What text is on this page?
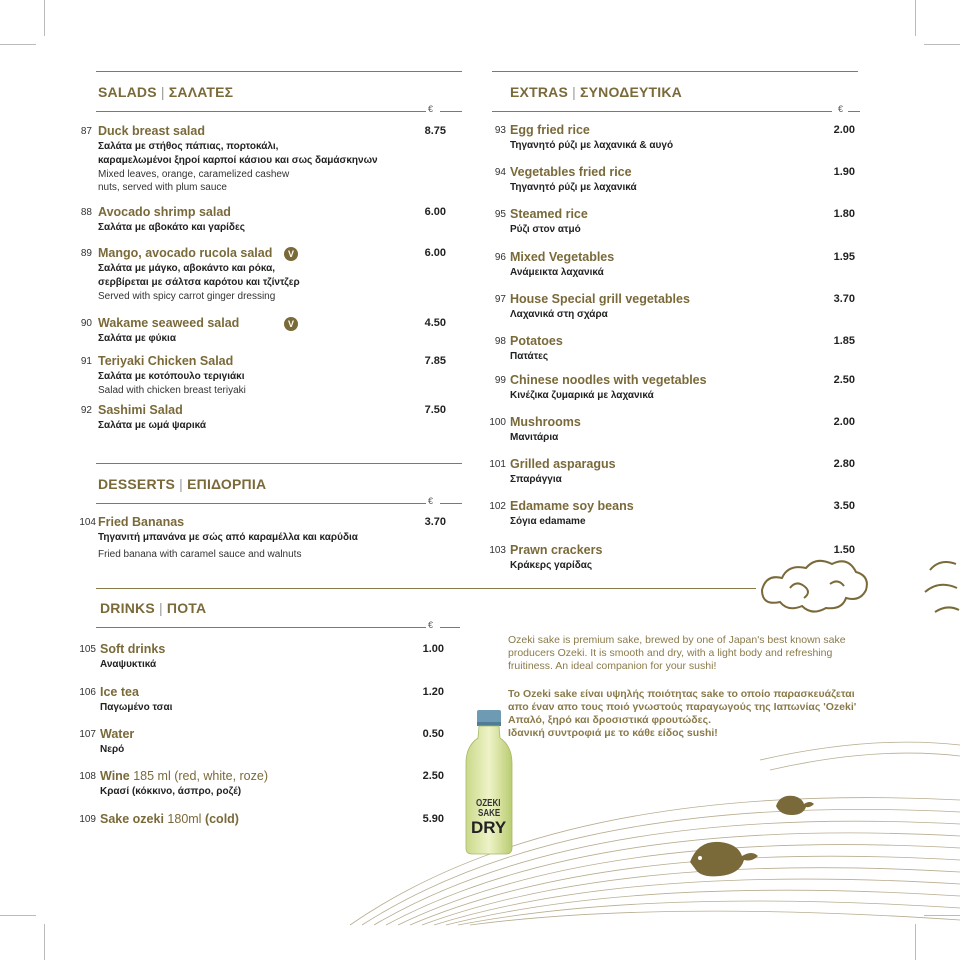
SALADS | ΣΑΛΑΤΕΣ
€
87 Duck breast salad	8.75
Σαλάτα με στήθος πάπιας, πορτοκάλι,
καραμελωμένοι ξηροί καρποί κάσιου και σως δαμάσκηνων
Mixed leaves, orange, caramelized cashew
nuts, served with plum sauce
88 Avocado shrimp salad	6.00
Σαλάτα με αβοκάτο και γαρίδες
89 Mango, avocado rucola salad	6.00
V
Σαλάτα με μάγκο, αβοκάντο και ρόκα,
σερβίρεται με σάλτσα καρότου και τζίντζερ
Served with spicy carrot ginger dressing
90 Wakame seaweed salad	4.50
V
Σαλάτα με φύκια
91 Teriyaki Chicken Salad	7.85
Σαλάτα με κοτόπουλο τεριγιάκι
Salad with chicken breast teriyaki
92 Sashimi Salad	7.50
Σαλάτα με ωμά ψαρικά
DESSERTS | ΕΠΙΔΟΡΠΙΑ
€
104 Fried Bananas	3.70
Τηγανιτή μπανάνα με σώς από καραμέλλα και καρύδια
Fried banana with caramel sauce and walnuts
EXTRAS | ΣΥΝΟΔΕΥΤΙΚΑ
€
93 Egg fried rice	2.00
Τηγανητό ρύζι με λαχανικά & αυγό
94 Vegetables fried rice	1.90
Τηγανητό ρύζι με λαχανικά
95 Steamed rice	1.80
Ρύζι στον ατμό
96 Mixed Vegetables	1.95
Ανάμεικτα λαχανικά
97 House Special grill vegetables	3.70
Λαχανικά στη σχάρα
98 Potatoes	1.85
Πατάτες
99 Chinese noodles with vegetables	2.50
Κινέζικα ζυμαρικά με λαχανικά
100 Mushrooms	2.00
Μανιτάρια
101 Grilled asparagus	2.80
Σπαράγγια
102 Edamame soy beans	3.50
Σόγια edamame
103 Prawn crackers	1.50
Κράκερς γαρίδας
DRINKS | ΠΟΤΑ
€
105 Soft drinks	1.00
Αναψυκτικά
106 Ice tea	1.20
Παγωμένο τσαι
107 Water	0.50
Νερό
108 Wine 185 ml (red, white, roze)	2.50
Κρασί (κόκκινο, άσπρο, ροζέ)
109 Sake ozeki 180ml (cold)	5.90
Ozeki sake is premium sake, brewed by one of Japan's best known sake
producers Ozeki. It is smooth and dry, with a light body and refreshing
fruitiness. An ideal companion for your sushi!
Το Ozeki sake είναι υψηλής ποιότητας sake το οποίο παρασκευάζεται
απο έναν απο τους ποιό γνωστούς παραγωγούς της Ιαπωνίας 'Ozeki'
Απαλό, ξηρό και δροσιστικά φρουτώδες.
Ιδανική συντροφιά με το κάθε είδος sushi!
OZEKI
SAKE
DRY
